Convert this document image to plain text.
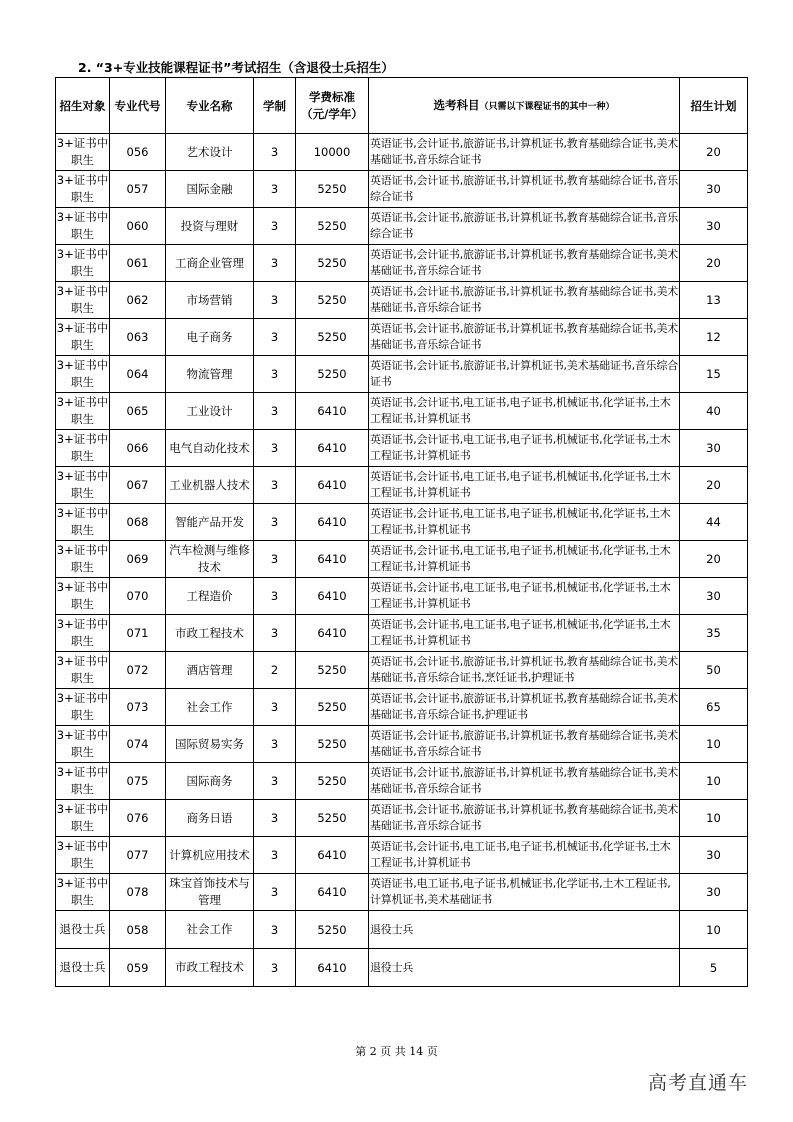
2. “3+专业技能课程证书”考试招生（含退役士兵招生）
招生对象	专业代号	专业名称	学制	学费标准（元/学年）	选考科目（只需以下课程证书的其中一种）	招生计划
3+证书中职生	056	艺术设计	3	10000	英语证书,会计证书,旅游证书,计算机证书,教育基础综合证书,美术基础证书,音乐综合证书	20
3+证书中职生	057	国际金融	3	5250	英语证书,会计证书,旅游证书,计算机证书,教育基础综合证书,音乐综合证书	30
3+证书中职生	060	投资与理财	3	5250	英语证书,会计证书,旅游证书,计算机证书,教育基础综合证书,音乐综合证书	30
3+证书中职生	061	工商企业管理	3	5250	英语证书,会计证书,旅游证书,计算机证书,教育基础综合证书,美术基础证书,音乐综合证书	20
3+证书中职生	062	市场营销	3	5250	英语证书,会计证书,旅游证书,计算机证书,教育基础综合证书,美术基础证书,音乐综合证书	13
3+证书中职生	063	电子商务	3	5250	英语证书,会计证书,旅游证书,计算机证书,教育基础综合证书,美术基础证书,音乐综合证书	12
3+证书中职生	064	物流管理	3	5250	英语证书,会计证书,旅游证书,计算机证书,美术基础证书,音乐综合证书	15
3+证书中职生	065	工业设计	3	6410	英语证书,会计证书,电工证书,电子证书,机械证书,化学证书,土木工程证书,计算机证书	40
3+证书中职生	066	电气自动化技术	3	6410	英语证书,会计证书,电工证书,电子证书,机械证书,化学证书,土木工程证书,计算机证书	30
3+证书中职生	067	工业机器人技术	3	6410	英语证书,会计证书,电工证书,电子证书,机械证书,化学证书,土木工程证书,计算机证书	20
3+证书中职生	068	智能产品开发	3	6410	英语证书,会计证书,电工证书,电子证书,机械证书,化学证书,土木工程证书,计算机证书	44
3+证书中职生	069	汽车检测与维修技术	3	6410	英语证书,会计证书,电工证书,电子证书,机械证书,化学证书,土木工程证书,计算机证书	20
3+证书中职生	070	工程造价	3	6410	英语证书,会计证书,电工证书,电子证书,机械证书,化学证书,土木工程证书,计算机证书	30
3+证书中职生	071	市政工程技术	3	6410	英语证书,会计证书,电工证书,电子证书,机械证书,化学证书,土木工程证书,计算机证书	35
3+证书中职生	072	酒店管理	2	5250	英语证书,会计证书,旅游证书,计算机证书,教育基础综合证书,美术基础证书,音乐综合证书,烹饪证书,护理证书	50
3+证书中职生	073	社会工作	3	5250	英语证书,会计证书,旅游证书,计算机证书,教育基础综合证书,美术基础证书,音乐综合证书,护理证书	65
3+证书中职生	074	国际贸易实务	3	5250	英语证书,会计证书,旅游证书,计算机证书,教育基础综合证书,美术基础证书,音乐综合证书	10
3+证书中职生	075	国际商务	3	5250	英语证书,会计证书,旅游证书,计算机证书,教育基础综合证书,美术基础证书,音乐综合证书	10
3+证书中职生	076	商务日语	3	5250	英语证书,会计证书,旅游证书,计算机证书,教育基础综合证书,美术基础证书,音乐综合证书	10
3+证书中职生	077	计算机应用技术	3	6410	英语证书,会计证书,电工证书,电子证书,机械证书,化学证书,土木工程证书,计算机证书	30
3+证书中职生	078	珠宝首饰技术与管理	3	6410	英语证书,电工证书,电子证书,机械证书,化学证书,土木工程证书,计算机证书,美术基础证书	30
退役士兵	058	社会工作	3	5250	退役士兵	10
退役士兵	059	市政工程技术	3	6410	退役士兵	5
第 2 页 共 14 页
高考直通车
